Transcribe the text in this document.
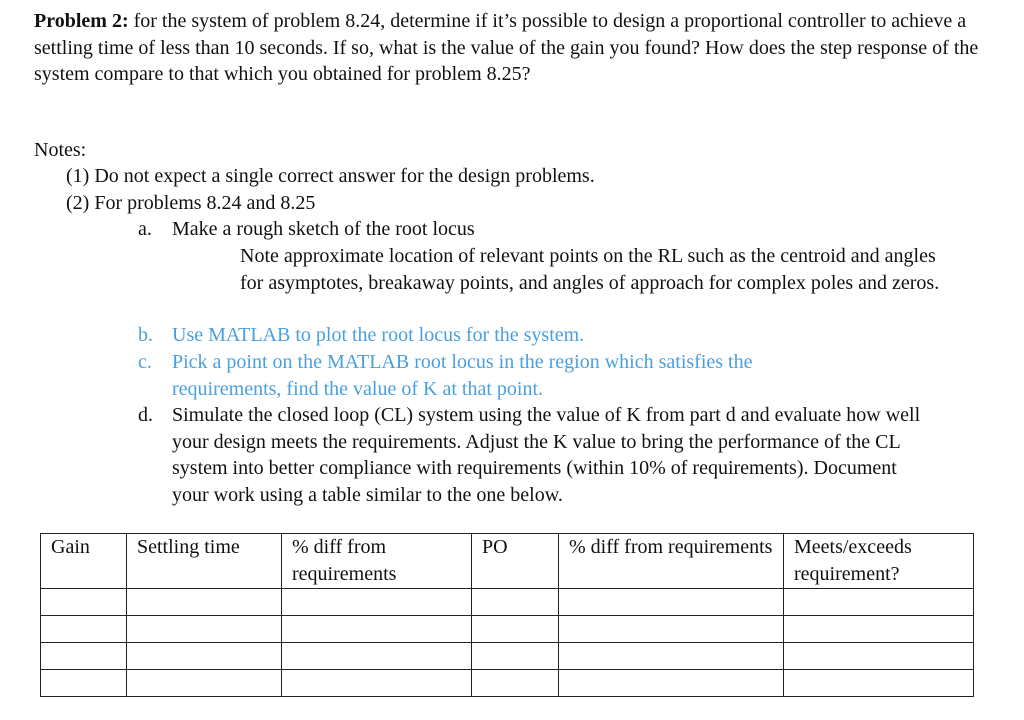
Problem 2: for the system of problem 8.24, determine if it’s possible to design a proportional controller to achieve a settling time of less than 10 seconds. If so, what is the value of the gain you found? How does the step response of the system compare to that which you obtained for problem 8.25?

Notes:

(1) Do not expect a single correct answer for the design problems.

(2) For problems 8.24 and 8.25

a. Make a rough sketch of the root locus

Note approximate location of relevant points on the RL such as the centroid and angles for asymptotes, breakaway points, and angles of approach for complex poles and zeros.

b. Use MATLAB to plot the root locus for the system.
c. Pick a point on the MATLAB root locus in the region which satisfies the requirements, find the value of K at that point.
d. Simulate the closed loop (CL) system using the value of K from part d and evaluate how well your design meets the requirements. Adjust the K value to bring the performance of the CL system into better compliance with requirements (within 10% of requirements). Document your work using a table similar to the one below.
Gain	Settling time	% diff from requirements	PO	% diff from requirements	Meets/exceeds requirement?
